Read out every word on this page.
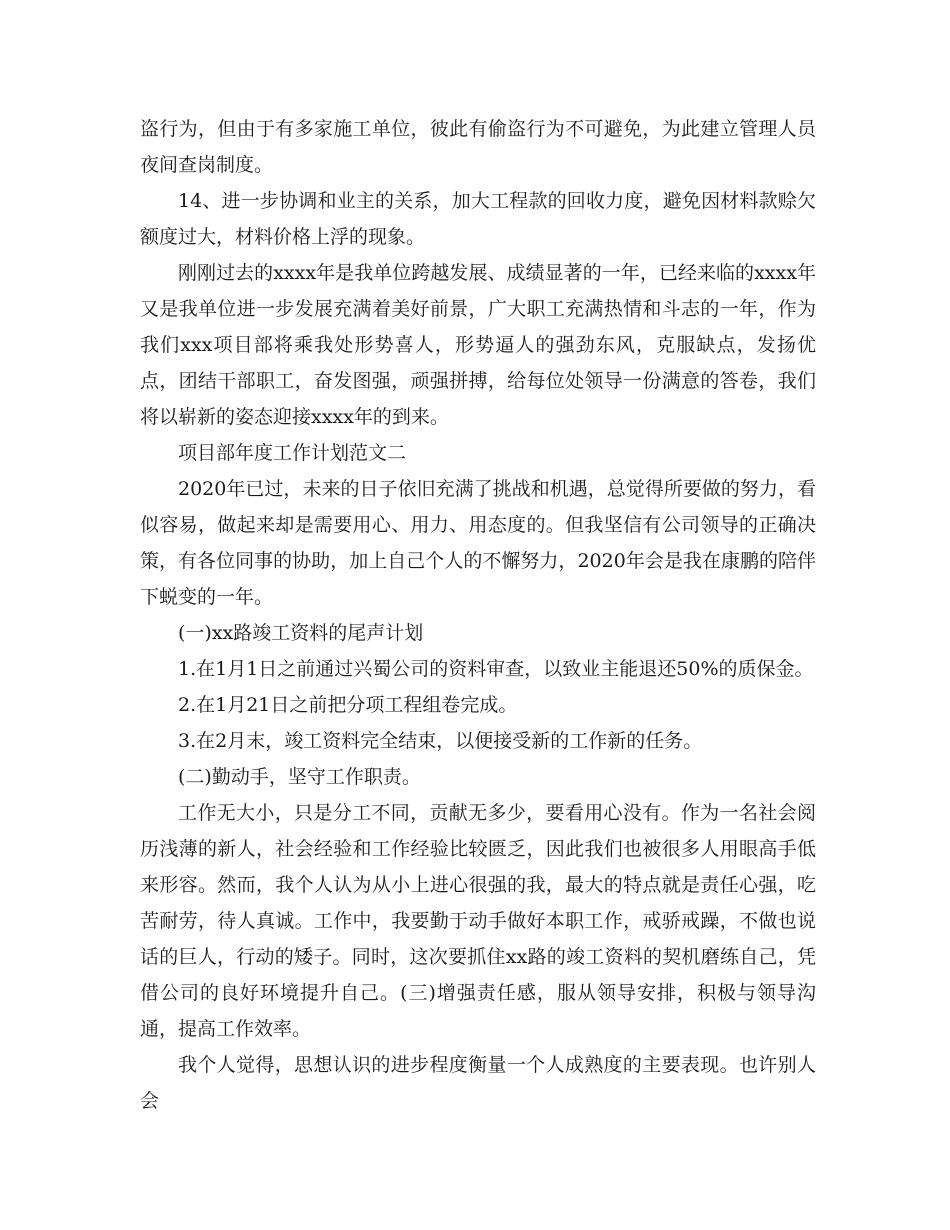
盗行为，但由于有多家施工单位，彼此有偷盗行为不可避免，为此建立管理人员夜间查岗制度。

14、进一步协调和业主的关系，加大工程款的回收力度，避免因材料款赊欠额度过大，材料价格上浮的现象。

刚刚过去的xxxx年是我单位跨越发展、成绩显著的一年，已经来临的xxxx年又是我单位进一步发展充满着美好前景，广大职工充满热情和斗志的一年，作为我们xxx项目部将乘我处形势喜人，形势逼人的强劲东风，克服缺点，发扬优点，团结干部职工，奋发图强，顽强拼搏，给每位处领导一份满意的答卷，我们将以崭新的姿态迎接xxxx年的到来。

项目部年度工作计划范文二

2020年已过，未来的日子依旧充满了挑战和机遇，总觉得所要做的努力，看似容易，做起来却是需要用心、用力、用态度的。但我坚信有公司领导的正确决策，有各位同事的协助，加上自己个人的不懈努力，2020年会是我在康鹏的陪伴下蜕变的一年。

(一)xx路竣工资料的尾声计划

1.在1月1日之前通过兴蜀公司的资料审查，以致业主能退还50%的质保金。

2.在1月21日之前把分项工程组卷完成。

3.在2月末，竣工资料完全结束，以便接受新的工作新的任务。

(二)勤动手，坚守工作职责。

工作无大小，只是分工不同，贡献无多少，要看用心没有。作为一名社会阅历浅薄的新人，社会经验和工作经验比较匮乏，因此我们也被很多人用眼高手低来形容。然而，我个人认为从小上进心很强的我，最大的特点就是责任心强，吃苦耐劳，待人真诚。工作中，我要勤于动手做好本职工作，戒骄戒躁，不做也说话的巨人，行动的矮子。同时，这次要抓住xx路的竣工资料的契机磨练自己，凭借公司的良好环境提升自己。(三)增强责任感，服从领导安排，积极与领导沟通，提高工作效率。

我个人觉得，思想认识的进步程度衡量一个人成熟度的主要表现。也许别人会
